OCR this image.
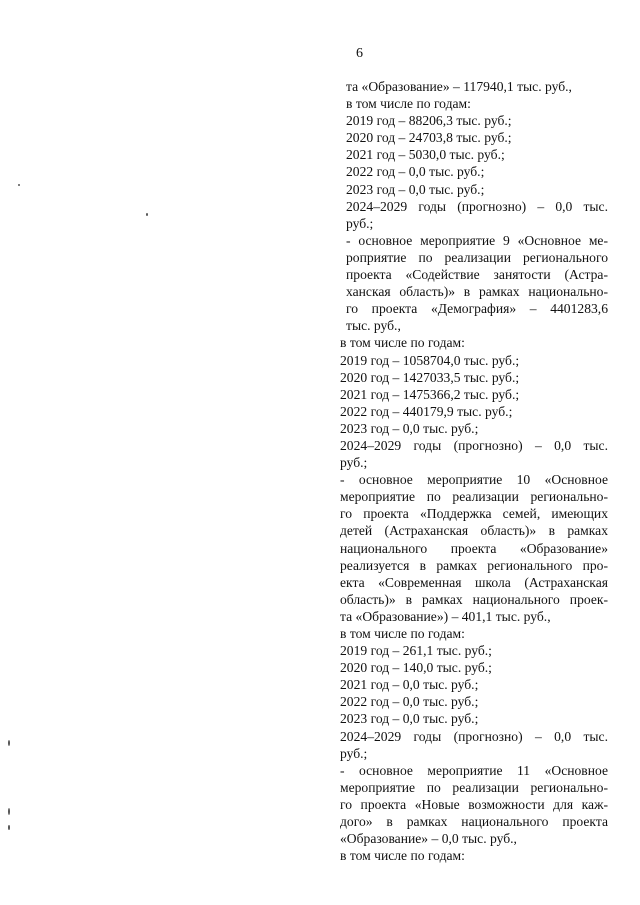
6
та «Образование» – 117940,1 тыс. руб.,
в том числе по годам:
2019 год – 88206,3 тыс. руб.;
2020 год – 24703,8 тыс. руб.;
2021 год – 5030,0 тыс. руб.;
2022 год – 0,0 тыс. руб.;
2023 год – 0,0 тыс. руб.;
2024–2029 годы (прогнозно) – 0,0 тыс.
руб.;
- основное мероприятие 9 «Основное ме-
роприятие по реализации регионального
проекта «Содействие занятости (Астра-
ханская область)» в рамках национально-
го проекта «Демография» – 4401283,6
тыс. руб.,
в том числе по годам:
2019 год – 1058704,0 тыс. руб.;
2020 год – 1427033,5 тыс. руб.;
2021 год – 1475366,2 тыс. руб.;
2022 год – 440179,9 тыс. руб.;
2023 год – 0,0 тыс. руб.;
2024–2029 годы (прогнозно) – 0,0 тыс.
руб.;
- основное мероприятие 10 «Основное
мероприятие по реализации регионально-
го проекта «Поддержка семей, имеющих
детей (Астраханская область)» в рамках
национального проекта «Образование»
реализуется в рамках регионального про-
екта «Современная школа (Астраханская
область)» в рамках национального проек-
та «Образование») – 401,1 тыс. руб.,
в том числе по годам:
2019 год – 261,1 тыс. руб.;
2020 год – 140,0 тыс. руб.;
2021 год – 0,0 тыс. руб.;
2022 год – 0,0 тыс. руб.;
2023 год – 0,0 тыс. руб.;
2024–2029 годы (прогнозно) – 0,0 тыс.
руб.;
- основное мероприятие 11 «Основное
мероприятие по реализации регионально-
го проекта «Новые возможности для каж-
дого» в рамках национального проекта
«Образование» – 0,0 тыс. руб.,
в том числе по годам:
